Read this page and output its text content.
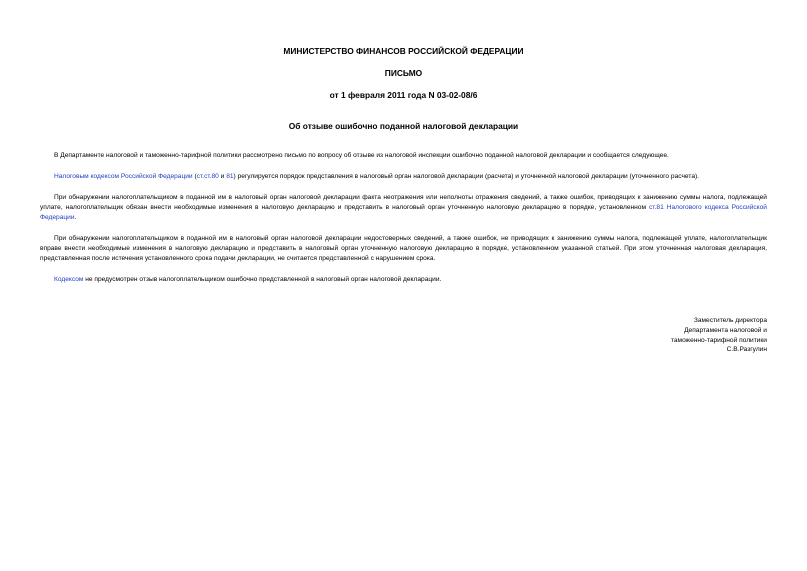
МИНИСТЕРСТВО ФИНАНСОВ РОССИЙСКОЙ ФЕДЕРАЦИИ
ПИСЬМО
от 1 февраля 2011 года N 03-02-08/6
Об отзыве ошибочно поданной налоговой декларации
В Департаменте налоговой и таможенно-тарифной политики рассмотрено письмо по вопросу об отзыве из налоговой инспекции ошибочно поданной налоговой декларации и сообщается следующее.
Налоговым кодексом Российской Федерации (ст.ст.80 и 81) регулируется порядок представления в налоговый орган налоговой декларации (расчета) и уточненной налоговой декларации (уточненного расчета).
При обнаружении налогоплательщиком в поданной им в налоговый орган налоговой декларации факта неотражения или неполноты отражения сведений, а также ошибок, приводящих к занижению суммы налога, подлежащей уплате, налогоплательщик обязан внести необходимые изменения в налоговую декларацию и представить в налоговый орган уточненную налоговую декларацию в порядке, установленном ст.81 Налогового кодекса Российской Федерации.
При обнаружении налогоплательщиком в поданной им в налоговый орган налоговой декларации недостоверных сведений, а также ошибок, не приводящих к занижению суммы налога, подлежащей уплате, налогоплательщик вправе внести необходимые изменения в налоговую декларацию и представить в налоговый орган уточненную налоговую декларацию в порядке, установленном указанной статьей. При этом уточненная налоговая декларация, представленная после истечения установленного срока подачи декларации, не считается представленной с нарушением срока.
Кодексом не предусмотрен отзыв налогоплательщиком ошибочно представленной в налоговый орган налоговой декларации.
Заместитель директора
Департамента налоговой и
таможенно-тарифной политики
С.В.Разгулин
